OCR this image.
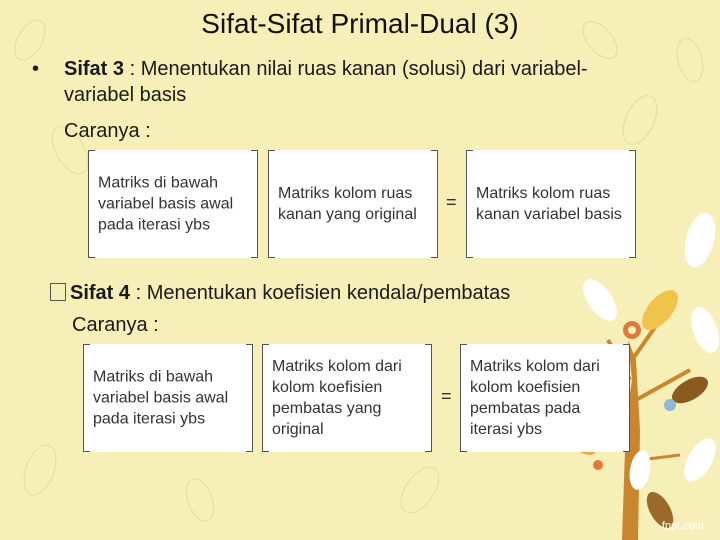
Sifat-Sifat Primal-Dual (3)
• Sifat 3 : Menentukan nilai ruas kanan (solusi) dari variabel-variabel basis
Caranya :
Matriks di bawah variabel basis awal pada iterasi ybs
Matriks kolom ruas kanan yang original
= Matriks kolom ruas kanan variabel basis
Sifat 4 : Menentukan koefisien kendala/pembatas
Caranya :
Matriks di bawah variabel basis awal pada iterasi ybs
Matriks kolom dari kolom koefisien pembatas yang original
=
Matriks kolom dari kolom koefisien pembatas pada iterasi ybs
fppt.com
